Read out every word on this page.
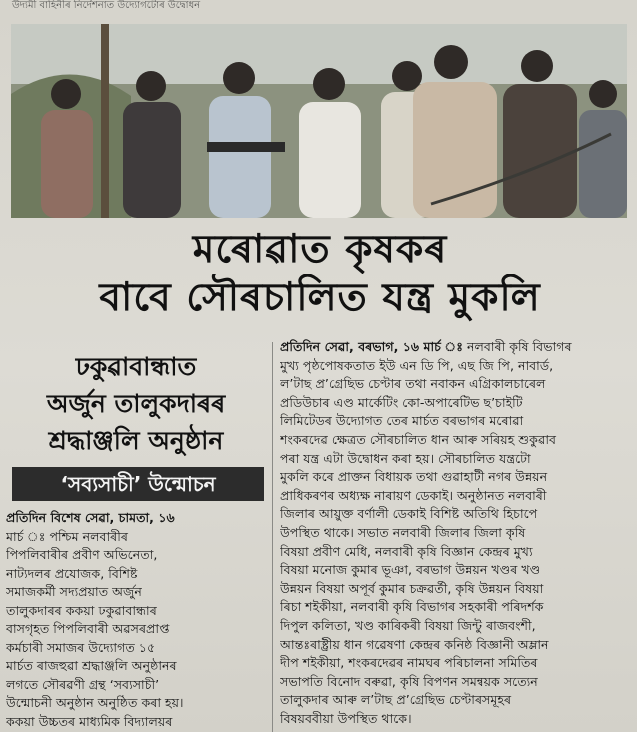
উদ্যমী বাহিনীৰ নিৰ্দেশনাত উদ্যোগটোৰ উদ্বোধন
মৰোৱাত কৃষকৰ
বাবে সৌৰচালিত যন্ত্ৰ মুকলি
ঢকুৱাবান্ধাত
অৰ্জুন তালুকদাৰৰ
শ্ৰদ্ধাঞ্জলি অনুষ্ঠান
‘সব্যসাচী’ উন্মোচন
প্ৰতিদিন বিশেষ সেৱা, চামতা, ১৬
মাৰ্চ ঃ পশ্চিম নলবাৰীৰ
পিপলিবাৰীৰ প্ৰবীণ অভিনেতা,
নাট্যদলৰ প্ৰযোজক, বিশিষ্ট
সমাজকৰ্মী সদ্যপ্ৰয়াত অৰ্জুন
তালুকদাৰৰ ককয়া ঢকুৱাবান্ধাৰ
বাসগৃহত পিপলিবাৰী অৱসৰপ্ৰাপ্ত
কৰ্মচাৰী সমাজৰ উদ্যোগত ১৫
মাৰ্চত ৰাজহুৱা শ্ৰদ্ধাঞ্জলি অনুষ্ঠানৰ
লগতে সৌৰৱণী গ্ৰন্থ ‘সব্যসাচী’
উন্মোচনী অনুষ্ঠান অনুষ্ঠিত কৰা হয়।
ককয়া উচ্চতৰ মাধ্যমিক বিদ্যালয়ৰ
প্ৰতিদিন সেৱা, বৰভাগ, ১৬ মাৰ্চ ঃ নলবাৰী কৃষি বিভাগৰ
মুখ্য পৃষ্ঠপোষকতাত ইউ এন ডি পি, এছ জি পি, নাবাৰ্ড,
ল’টাছ প্ৰ’গ্ৰেছিভ চেণ্টাৰ তথা নবাকন এগ্ৰিকালচাৰেল
প্ৰডিউচাৰ এণ্ড মাৰ্কেটিং কো-অপাৰেটিভ ছ’চাইটি
লিমিটেডৰ উদ্যোগত তেৰ মাৰ্চত বৰভাগৰ মৰোৱা
শংকৰদেৱ ক্ষেত্ৰত সৌৰচালিত ধান আৰু সৰিয়হ শুকুৱাব
পৰা যন্ত্ৰ এটা উদ্বোধন কৰা হয়। সৌৰচালিত যন্ত্ৰটো
মুকলি কৰে প্ৰাক্তন বিধায়ক তথা গুৱাহাটী নগৰ উন্নয়ন
প্ৰাধিকৰণৰ অধ্যক্ষ নাৰায়ণ ডেকাই। অনুষ্ঠানত নলবাৰী
জিলাৰ আয়ুক্ত বৰ্ণালী ডেকাই বিশিষ্ট অতিথি হিচাপে
উপস্থিত থাকে। সভাত নলবাৰী জিলাৰ জিলা কৃষি
বিষয়া প্ৰবীণ মেধি, নলবাৰী কৃষি বিজ্ঞান কেন্দ্ৰৰ মুখ্য
বিষয়া মনোজ কুমাৰ ভূঞা, বৰভাগ উন্নয়ন খণ্ডৰ খণ্ড
উন্নয়ন বিষয়া অপূৰ্ব কুমাৰ চক্ৰৱৰ্তী, কৃষি উন্নয়ন বিষয়া
ৰিচা শইকীয়া, নলবাৰী কৃষি বিভাগৰ সহকাৰী পৰিদৰ্শক
দিপুল কলিতা, খণ্ড কাৰিকৰী বিষয়া জিন্টু ৰাজবংশী,
আন্তঃৰাষ্ট্ৰীয় ধান গৱেষণা কেন্দ্ৰৰ কনিষ্ঠ বিজ্ঞানী অম্লান
দীপ শইকীয়া, শংকৰদেৱৰ নামঘৰ পৰিচালনা সমিতিৰ
সভাপতি বিনোদ বৰুৱা, কৃষি বিপণন সমন্বয়ক সত্যেন
তালুকদাৰ আৰু ল’টাছ প্ৰ’গ্ৰেছিভ চেণ্টাৰসমূহৰ
বিষয়ববীয়া উপস্থিত থাকে।
